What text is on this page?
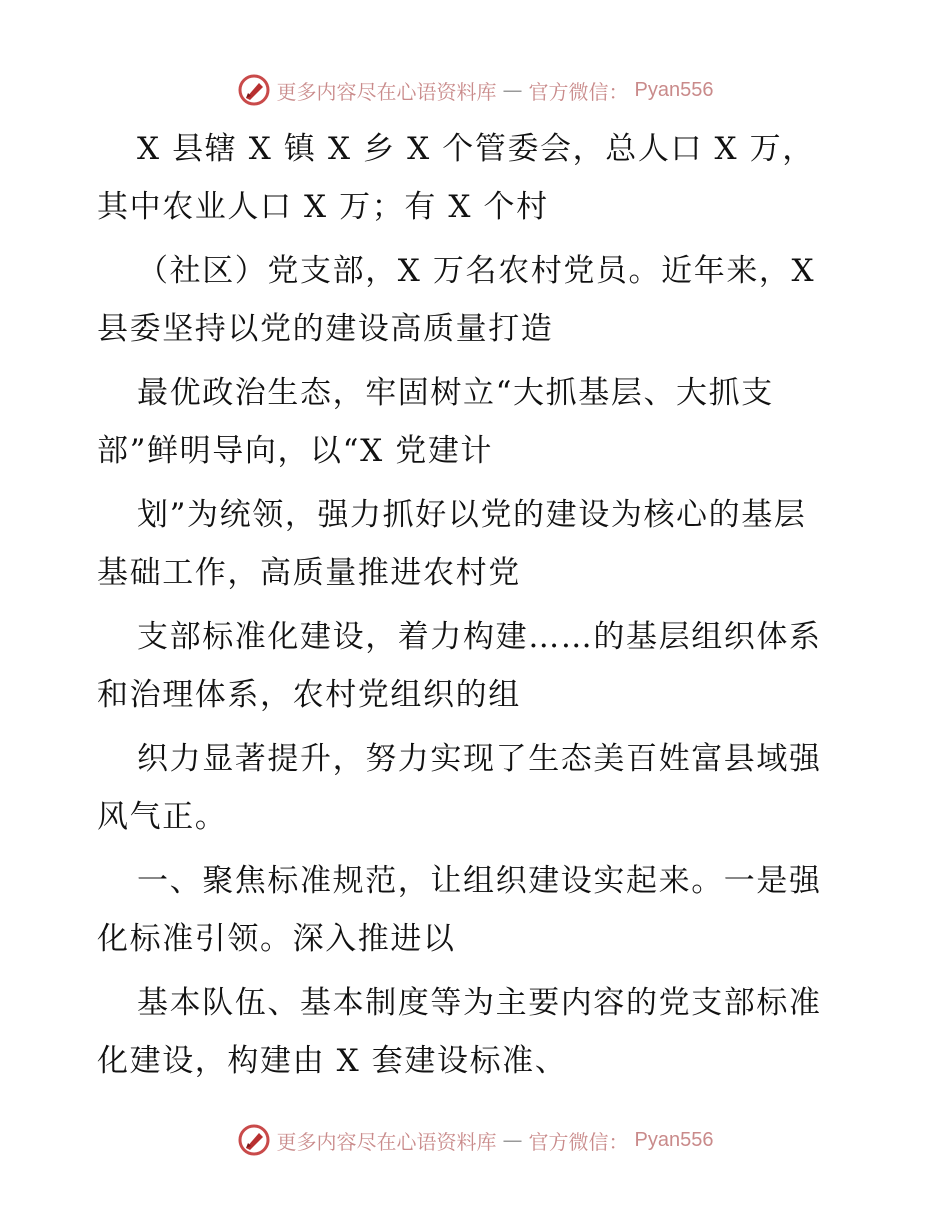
更多内容尽在心语资料库 — 官方微信： Pyan556

X 县辖 X 镇 X 乡 X 个管委会，总人口 X 万，
其中农业人口 X 万；有 X 个村

（社区）党支部，X 万名农村党员。近年来，X
县委坚持以党的建设高质量打造

最优政治生态，牢固树立“大抓基层、大抓支
部”鲜明导向，以“X 党建计

划”为统领，强力抓好以党的建设为核心的基层
基础工作，高质量推进农村党

支部标准化建设，着力构建……的基层组织体系
和治理体系，农村党组织的组

织力显著提升，努力实现了生态美百姓富县域强
风气正。

一、聚焦标准规范，让组织建设实起来。一是强
化标准引领。深入推进以

基本队伍、基本制度等为主要内容的党支部标准
化建设，构建由 X 套建设标准、

更多内容尽在心语资料库 — 官方微信： Pyan556
